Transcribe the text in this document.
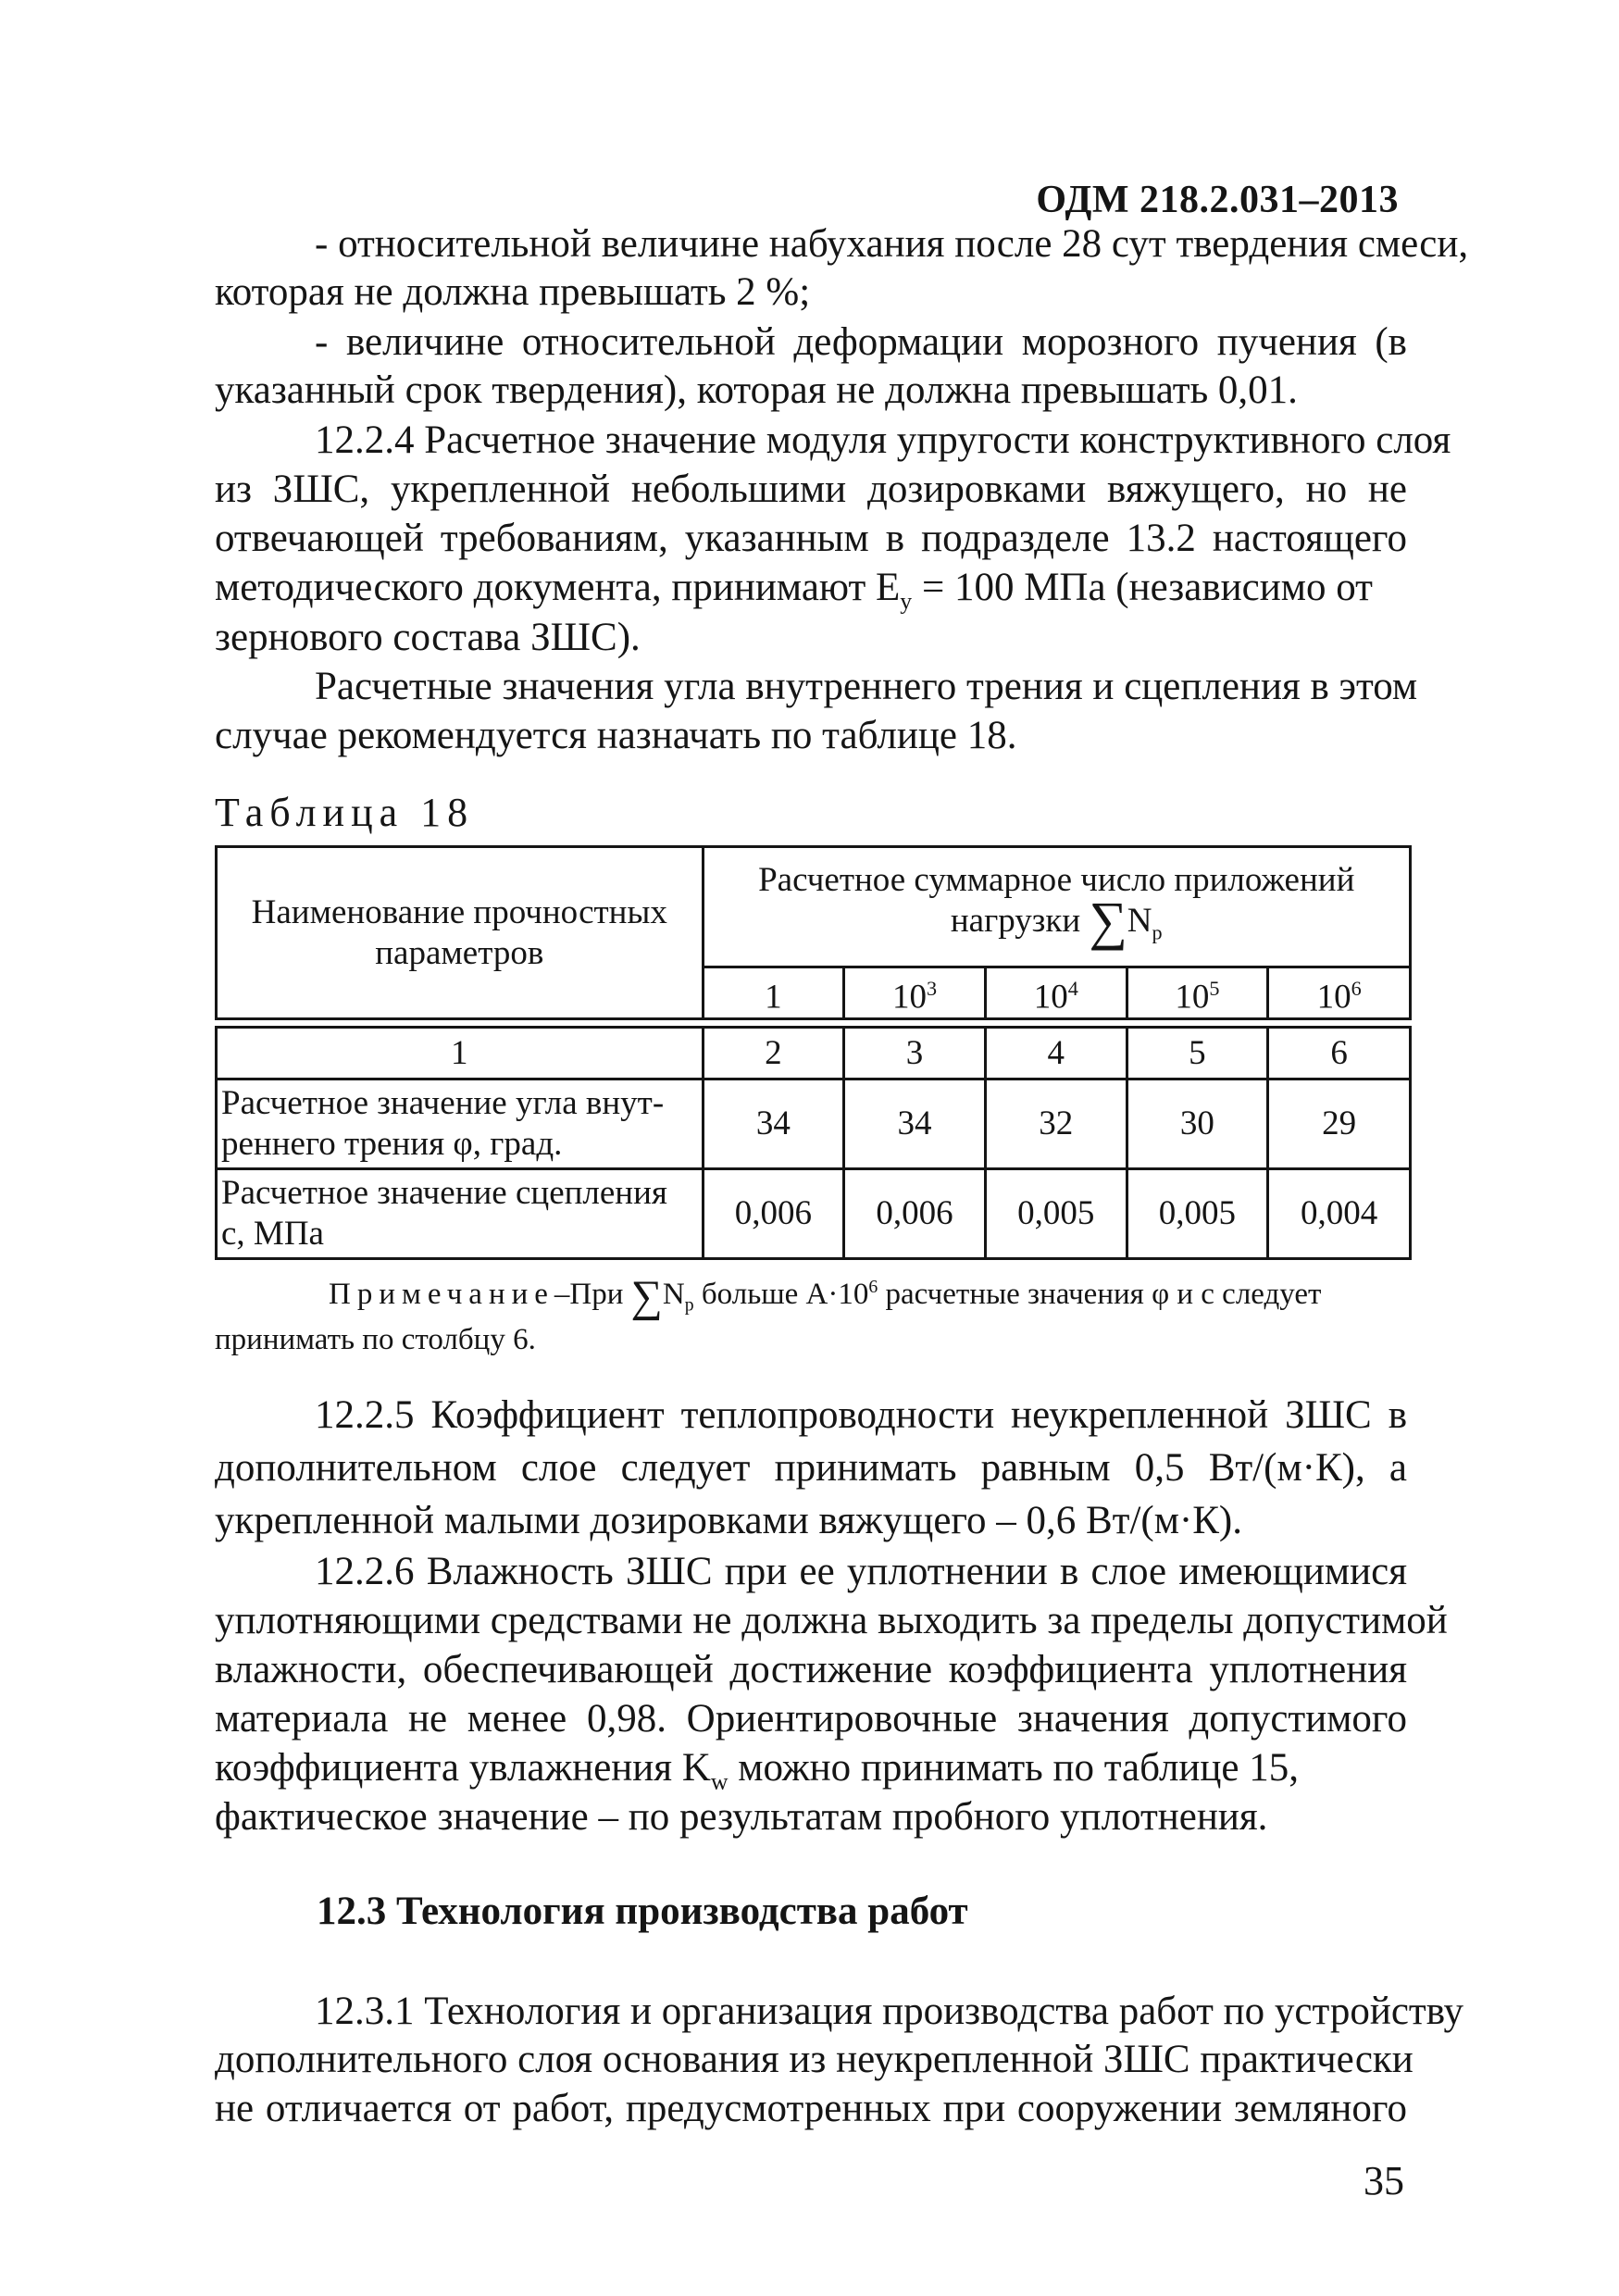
ОДМ 218.2.031–2013
- относительной величине набухания после 28 сут твердения смеси,
которая не должна превышать 2 %;
- величине относительной деформации морозного пучения (в
указанный срок твердения), которая не должна превышать 0,01.
12.2.4 Расчетное значение модуля упругости конструктивного слоя
из ЗШС, укрепленной небольшими дозировками вяжущего, но не
отвечающей требованиям, указанным в подразделе 13.2 настоящего
методического документа, принимают $E_у = 100$ МПа (независимо от
зернового состава ЗШС).
Расчетные значения угла внутреннего трения и сцепления в этом
случае рекомендуется назначать по таблице 18.
Таблица 18
Наименование прочностных параметров	Расчетное суммарное число приложений
нагрузки $\sum N_p$

	1	$10^3$	$10^4$	$10^5$	$10^6$

1	2	3	4	5	6
Расчетное значение угла внут-реннего трения φ, град.	34	34	32	30	29
Расчетное значение сцепления с, МПа	0,006	0,006	0,005	0,005	0,004
Примечание–При $\sum N_p$ больше $А\cdot 10^6$ расчетные значения φ и с следует
принимать по столбцу 6.
12.2.5 Коэффициент теплопроводности неукрепленной ЗШС в
дополнительном слое следует принимать равным 0,5 Вт/(м·К), а
укрепленной малыми дозировками вяжущего – 0,6 Вт/(м·К).
12.2.6 Влажность ЗШС при ее уплотнении в слое имеющимися
уплотняющими средствами не должна выходить за пределы допустимой
влажности, обеспечивающей достижение коэффициента уплотнения
материала не менее 0,98. Ориентировочные значения допустимого
коэффициента увлажнения $K_w$ можно принимать по таблице 15,
фактическое значение – по результатам пробного уплотнения.
12.3 Технология производства работ
12.3.1 Технология и организация производства работ по устройству
дополнительного слоя основания из неукрепленной ЗШС практически
не отличается от работ, предусмотренных при сооружении земляного
35
